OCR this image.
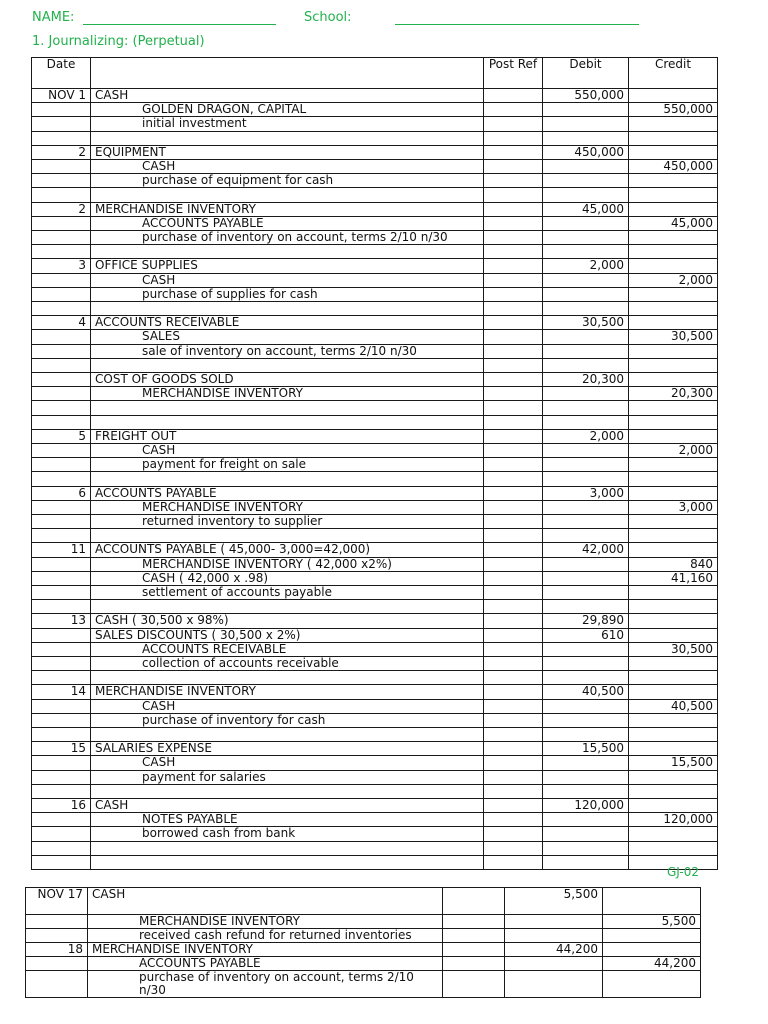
NAME:	School:
1. Journalizing: (Perpetual)
Date		Post Ref	Debit	Credit
NOV 1	CASH		550,000	
	GOLDEN DRAGON, CAPITAL			550,000
	initial investment			

2	EQUIPMENT		450,000	
	CASH			450,000
	purchase of equipment for cash			

2	MERCHANDISE INVENTORY		45,000	
	ACCOUNTS PAYABLE			45,000
	purchase of inventory on account, terms 2/10 n/30			

3	OFFICE SUPPLIES		2,000	
	CASH			2,000
	purchase of supplies for cash			

4	ACCOUNTS RECEIVABLE		30,500	
	SALES			30,500
	sale of inventory on account, terms 2/10 n/30			

	COST OF GOODS SOLD		20,300	
	MERCHANDISE INVENTORY			20,300

5	FREIGHT OUT		2,000	
	CASH			2,000
	payment for freight on sale			

6	ACCOUNTS PAYABLE		3,000	
	MERCHANDISE INVENTORY			3,000
	returned inventory to supplier			

11	ACCOUNTS PAYABLE ( 45,000- 3,000=42,000)		42,000	
	MERCHANDISE INVENTORY ( 42,000 x2%)			840
	CASH ( 42,000 x .98)			41,160
	settlement of accounts payable			

13	CASH ( 30,500 x 98%)		29,890	
	SALES DISCOUNTS ( 30,500 x 2%)		610	
	ACCOUNTS RECEIVABLE			30,500
	collection of accounts receivable			

14	MERCHANDISE INVENTORY		40,500	
	CASH			40,500
	purchase of inventory for cash			

15	SALARIES EXPENSE		15,500	
	CASH			15,500
	payment for salaries			

16	CASH		120,000	
	NOTES PAYABLE			120,000
	borrowed cash from bank			

GJ-02
NOV 17	CASH		5,500	
	MERCHANDISE INVENTORY			5,500
	received cash refund for returned inventories			
18	MERCHANDISE INVENTORY		44,200	
	ACCOUNTS PAYABLE			44,200
	purchase of inventory on account, terms 2/10 n/30			
